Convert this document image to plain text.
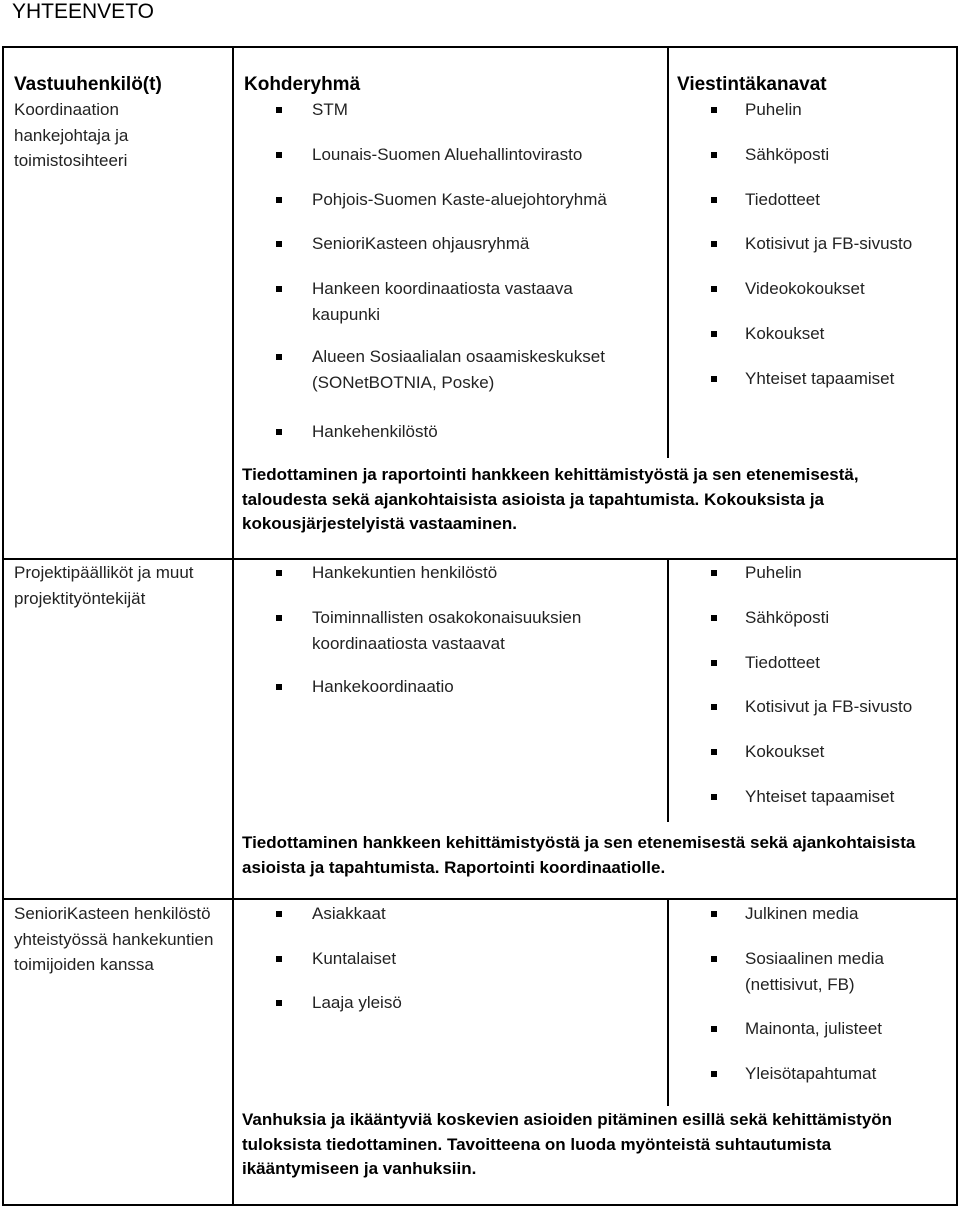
YHTEENVETO
Vastuuhenkilö(t)	Kohderyhmä	Viestintäkanavat
Koordinaation hankejohtaja ja toimistosihteeri
STM
Lounais-Suomen Aluehallintovirasto
Pohjois-Suomen Kaste-aluejohtoryhmä
SenioriKasteen ohjausryhmä
Hankeen koordinaatiosta vastaava kaupunki
Alueen Sosiaalialan osaamiskeskukset (SONetBOTNIA, Poske)
Hankehenkilöstö
Puhelin
Sähköposti
Tiedotteet
Kotisivut ja FB-sivusto
Videokokoukset
Kokoukset
Yhteiset tapaamiset
Tiedottaminen ja raportointi hankkeen kehittämistyöstä ja sen etenemisestä, taloudesta sekä ajankohtaisista asioista ja tapahtumista. Kokouksista ja kokousjärjestelyistä vastaaminen.
Projektipäälliköt ja muut projektityöntekijät
Hankekuntien henkilöstö
Toiminnallisten osakokonaisuuksien koordinaatiosta vastaavat
Hankekoordinaatio
Puhelin
Sähköposti
Tiedotteet
Kotisivut ja FB-sivusto
Kokoukset
Yhteiset tapaamiset
Tiedottaminen hankkeen kehittämistyöstä ja sen etenemisestä sekä ajankohtaisista asioista ja tapahtumista. Raportointi koordinaatiolle.
SenioriKasteen henkilöstö yhteistyössä hankekuntien toimijoiden kanssa
Asiakkaat
Kuntalaiset
Laaja yleisö
Julkinen media
Sosiaalinen media (nettisivut, FB)
Mainonta, julisteet
Yleisötapahtumat
Vanhuksia ja ikääntyviä koskevien asioiden pitäminen esillä sekä kehittämistyön tuloksista tiedottaminen. Tavoitteena on luoda myönteistä suhtautumista ikääntymiseen ja vanhuksiin.
